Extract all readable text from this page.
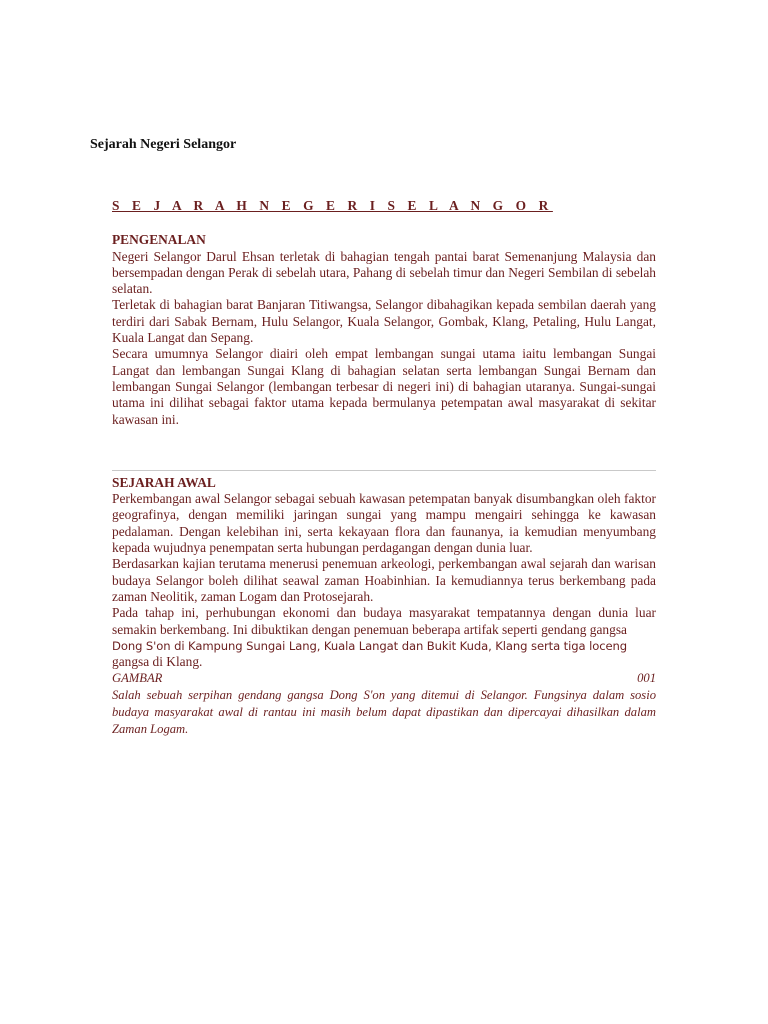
Sejarah Negeri Selangor
S E J A R A H N E G E R I S E L A N G O R
PENGENALAN

Negeri Selangor Darul Ehsan terletak di bahagian tengah pantai barat Semenanjung Malaysia dan bersempadan dengan Perak di sebelah utara, Pahang di sebelah timur dan Negeri Sembilan di sebelah selatan.

Terletak di bahagian barat Banjaran Titiwangsa, Selangor dibahagikan kepada sembilan daerah yang terdiri dari Sabak Bernam, Hulu Selangor, Kuala Selangor, Gombak, Klang, Petaling, Hulu Langat, Kuala Langat dan Sepang.

Secara umumnya Selangor diairi oleh empat lembangan sungai utama iaitu lembangan Sungai Langat dan lembangan Sungai Klang di bahagian selatan serta lembangan Sungai Bernam dan lembangan Sungai Selangor (lembangan terbesar di negeri ini) di bahagian utaranya. Sungai-sungai utama ini dilihat sebagai faktor utama kepada bermulanya petempatan awal masyarakat di sekitar kawasan ini.

SEJARAH AWAL

Perkembangan awal Selangor sebagai sebuah kawasan petempatan banyak disumbangkan oleh faktor geografinya, dengan memiliki jaringan sungai yang mampu mengairi sehingga ke kawasan pedalaman. Dengan kelebihan ini, serta kekayaan flora dan faunanya, ia kemudian menyumbang kepada wujudnya penempatan serta hubungan perdagangan dengan dunia luar.

Berdasarkan kajian terutama menerusi penemuan arkeologi, perkembangan awal sejarah dan warisan budaya Selangor boleh dilihat seawal zaman Hoabinhian. Ia kemudiannya terus berkembang pada zaman Neolitik, zaman Logam dan Protosejarah.

Pada tahap ini, perhubungan ekonomi dan budaya masyarakat tempatannya dengan dunia luar semakin berkembang. Ini dibuktikan dengan penemuan beberapa artifak seperti gendang gangsa

Dong S'on di Kampung Sungai Lang, Kuala Langat dan Bukit Kuda, Klang serta tiga loceng

gangsa di Klang.

GAMBAR	001

Salah sebuah serpihan gendang gangsa Dong S'on yang ditemui di Selangor. Fungsinya dalam sosio budaya masyarakat awal di rantau ini masih belum dapat dipastikan dan dipercayai dihasilkan dalam Zaman Logam.
